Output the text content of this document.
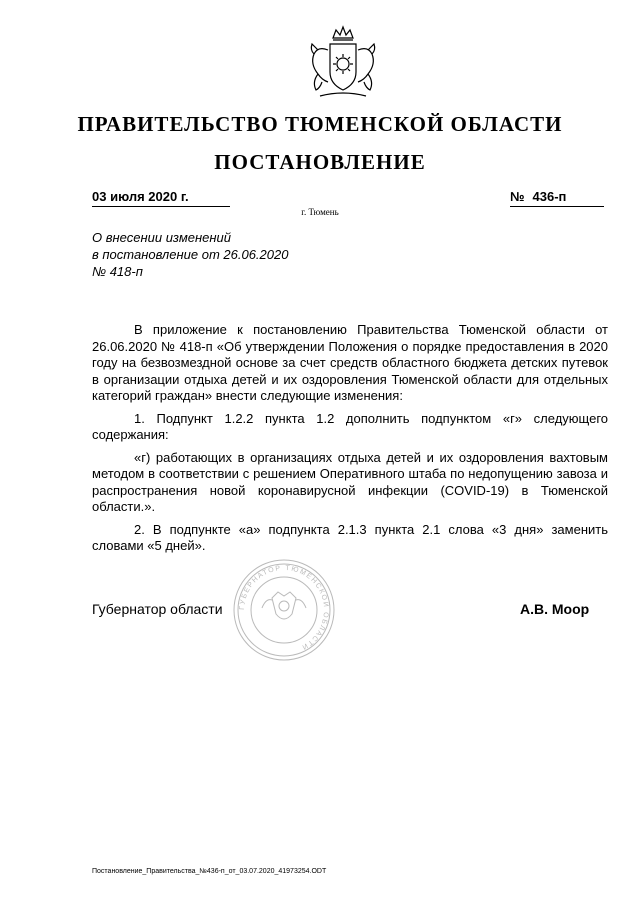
ПРАВИТЕЛЬСТВО ТЮМЕНСКОЙ ОБЛАСТИ
ПОСТАНОВЛЕНИЕ
03 июля 2020 г.	№ 436-п
г. Тюмень
О внесении изменений
в постановление от 26.06.2020
№ 418-п

В приложение к постановлению Правительства Тюменской области от 26.06.2020 № 418-п «Об утверждении Положения о порядке предоставления в 2020 году на безвозмездной основе за счет средств областного бюджета детских путевок в организации отдыха детей и их оздоровления Тюменской области для отдельных категорий граждан» внести следующие изменения:

1. Подпункт 1.2.2 пункта 1.2 дополнить подпунктом «г» следующего содержания:

«г) работающих в организациях отдыха детей и их оздоровления вахтовым методом в соответствии с решением Оперативного штаба по недопущению завоза и распространения новой коронавирусной инфекции (COVID-19) в Тюменской области.».

2. В подпункте «а» подпункта 2.1.3 пункта 2.1 слова «3 дня» заменить словами «5 дней».

ГУБЕРНАТОР ТЮМЕНСКОЙ ОБЛАСТИ
Губернатор области	А.В. Моор
Постановление_Правительства_№436-п_от_03.07.2020_41973254.ODT
